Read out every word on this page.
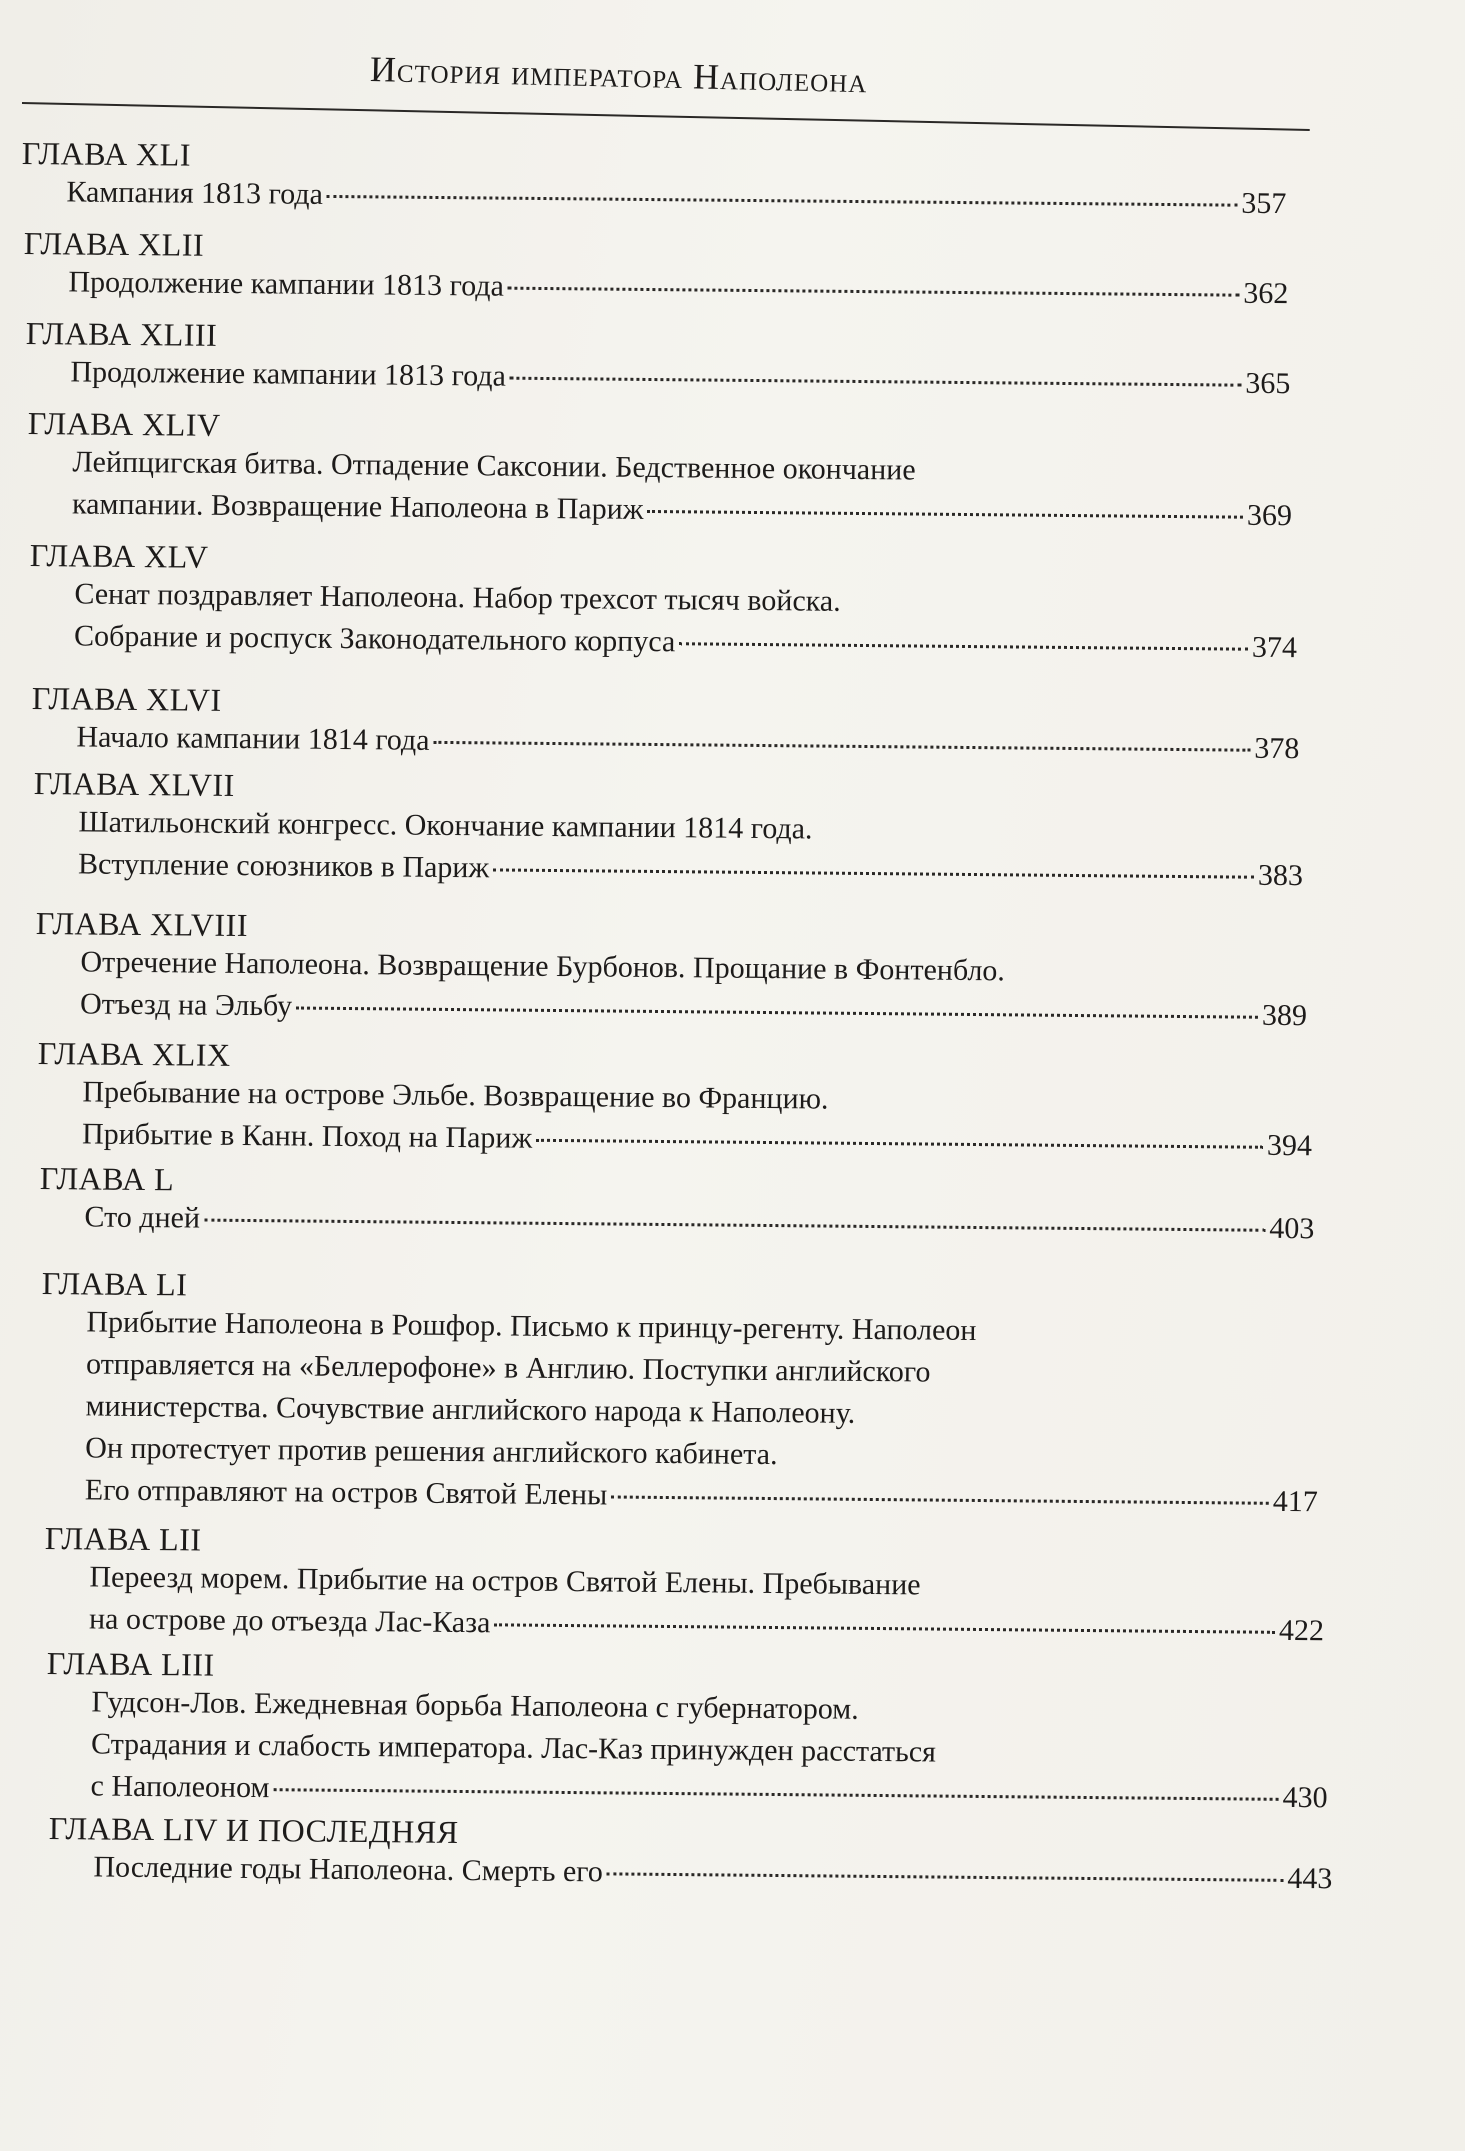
История императора Наполеона
ГЛАВА XLI
Кампания 1813 года	357
ГЛАВА XLII
Продолжение кампании 1813 года	362
ГЛАВА XLIII
Продолжение кампании 1813 года	365
ГЛАВА XLIV
Лейпцигская битва. Отпадение Саксонии. Бедственное окончание
кампании. Возвращение Наполеона в Париж	369
ГЛАВА XLV
Сенат поздравляет Наполеона. Набор трехсот тысяч войска.
Собрание и роспуск Законодательного корпуса	374
ГЛАВА XLVI
Начало кампании 1814 года	378
ГЛАВА XLVII
Шатильонский конгресс. Окончание кампании 1814 года.
Вступление союзников в Париж	383
ГЛАВА XLVIII
Отречение Наполеона. Возвращение Бурбонов. Прощание в Фонтенбло.
Отъезд на Эльбу	389
ГЛАВА XLIX
Пребывание на острове Эльбе. Возвращение во Францию.
Прибытие в Канн. Поход на Париж	394
ГЛАВА L
Сто дней	403
ГЛАВА LI
Прибытие Наполеона в Рошфор. Письмо к принцу-регенту. Наполеон
отправляется на «Беллерофоне» в Англию. Поступки английского
министерства. Сочувствие английского народа к Наполеону.
Он протестует против решения английского кабинета.
Его отправляют на остров Святой Елены	417
ГЛАВА LII
Переезд морем. Прибытие на остров Святой Елены. Пребывание
на острове до отъезда Лас-Каза	422
ГЛАВА LIII
Гудсон-Лов. Ежедневная борьба Наполеона с губернатором.
Страдания и слабость императора. Лас-Каз принужден расстаться
с Наполеоном	430
ГЛАВА LIV И ПОСЛЕДНЯЯ
Последние годы Наполеона. Смерть его	443
